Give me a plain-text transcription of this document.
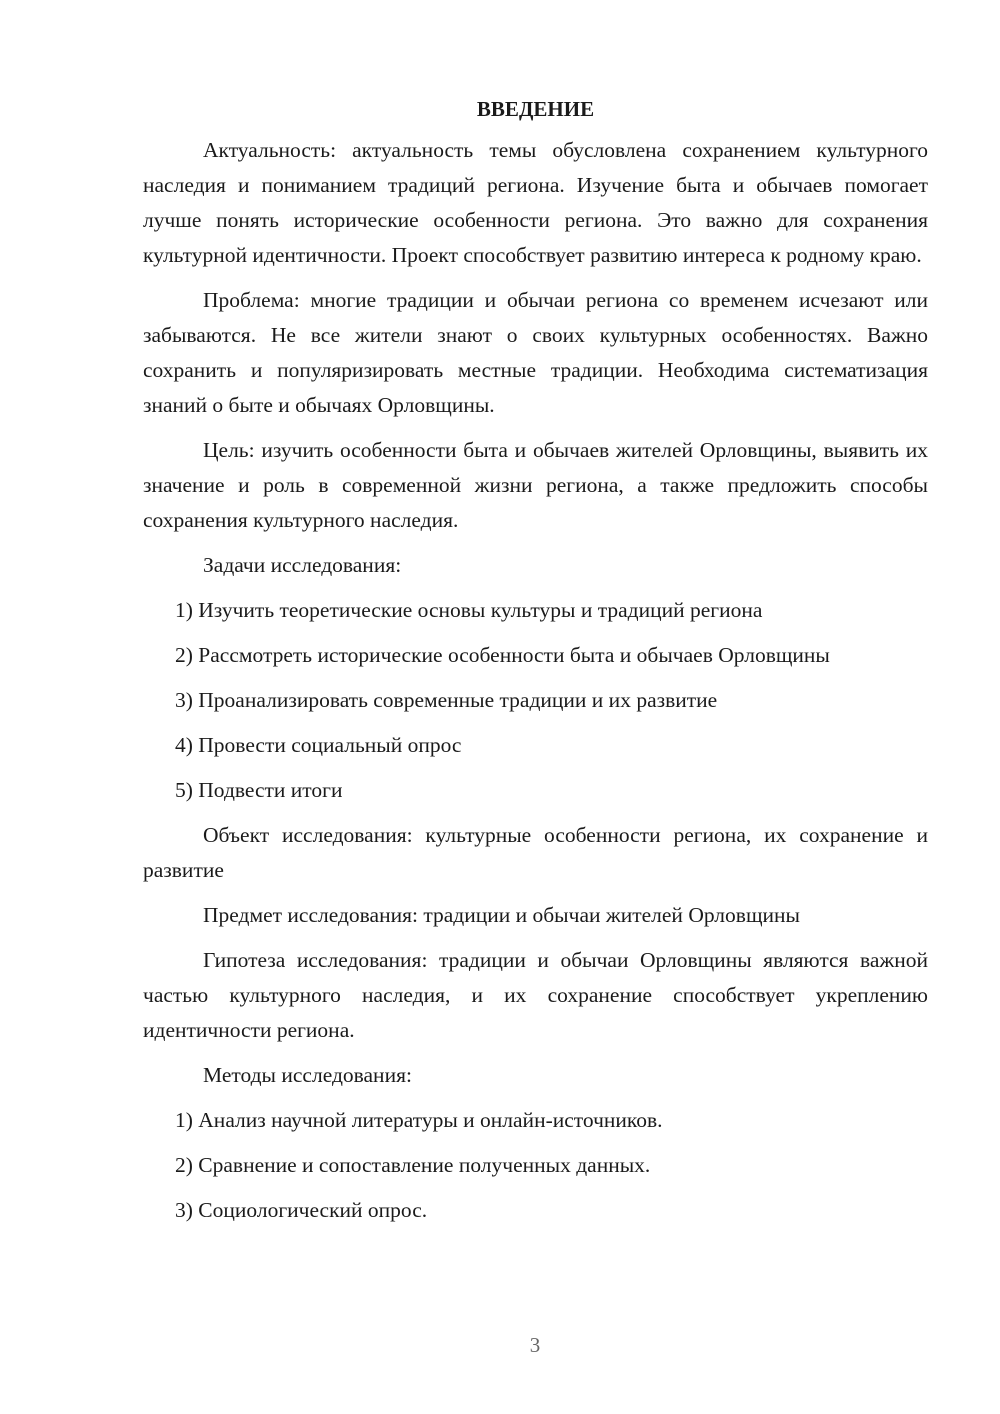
ВВЕДЕНИЕ

Актуальность: актуальность темы обусловлена сохранением культурного наследия и пониманием традиций региона. Изучение быта и обычаев помогает лучше понять исторические особенности региона. Это важно для сохранения культурной идентичности. Проект способствует развитию интереса к родному краю.

Проблема: многие традиции и обычаи региона со временем исчезают или забываются. Не все жители знают о своих культурных особенностях. Важно сохранить и популяризировать местные традиции. Необходима систематизация знаний о быте и обычаях Орловщины.

Цель: изучить особенности быта и обычаев жителей Орловщины, выявить их значение и роль в современной жизни региона, а также предложить способы сохранения культурного наследия.

Задачи исследования:

1) Изучить теоретические основы культуры и традиций региона

2) Рассмотреть исторические особенности быта и обычаев Орловщины

3) Проанализировать современные традиции и их развитие

4) Провести социальный опрос

5) Подвести итоги

Объект исследования: культурные особенности региона, их сохранение и развитие

Предмет исследования: традиции и обычаи жителей Орловщины

Гипотеза исследования: традиции и обычаи Орловщины являются важной частью культурного наследия, и их сохранение способствует укреплению идентичности региона.

Методы исследования:

1) Анализ научной литературы и онлайн-источников.

2) Сравнение и сопоставление полученных данных.

3) Социологический опрос.

3
